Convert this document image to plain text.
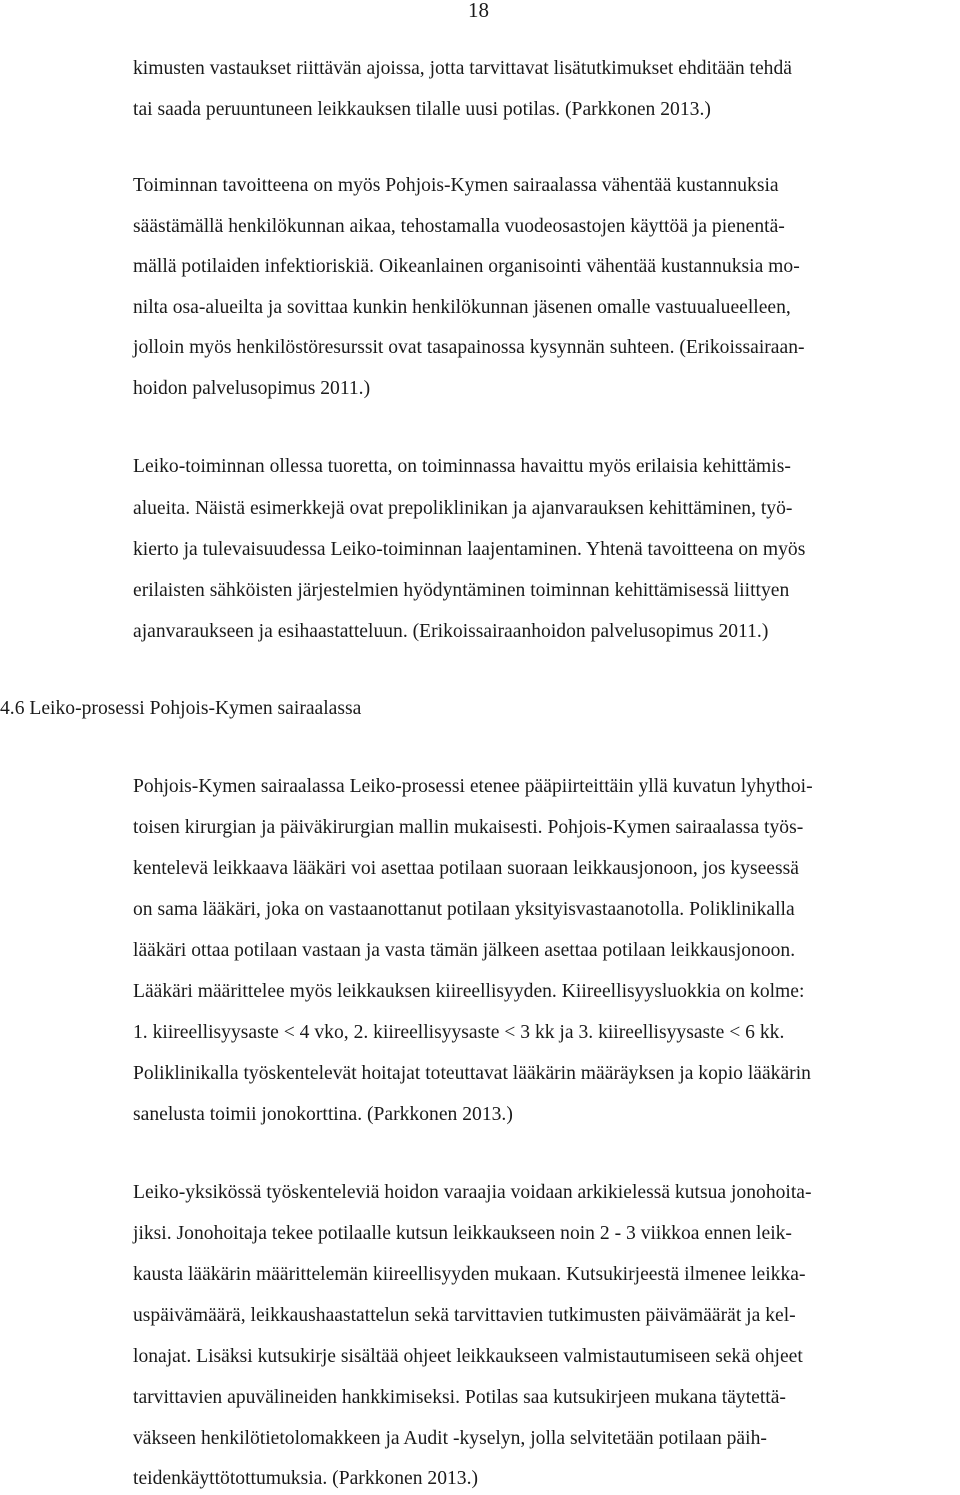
18
kimusten vastaukset riittävän ajoissa, jotta tarvittavat lisätutkimukset ehditään tehdä
tai saada peruuntuneen leikkauksen tilalle uusi potilas. (Parkkonen 2013.)
Toiminnan tavoitteena on myös Pohjois-Kymen sairaalassa vähentää kustannuksia
säästämällä henkilökunnan aikaa, tehostamalla vuodeosastojen käyttöä ja pienentä-
mällä potilaiden infektioriskiä. Oikeanlainen organisointi vähentää kustannuksia mo-
nilta osa-alueilta ja sovittaa kunkin henkilökunnan jäsenen omalle vastuualueelleen,
jolloin myös henkilöstöresurssit ovat tasapainossa kysynnän suhteen. (Erikoissairaan-
hoidon palvelusopimus 2011.)
Leiko-toiminnan ollessa tuoretta, on toiminnassa havaittu myös erilaisia kehittämis-
alueita. Näistä esimerkkejä ovat prepoliklinikan ja ajanvarauksen kehittäminen, työ-
kierto ja tulevaisuudessa Leiko-toiminnan laajentaminen. Yhtenä tavoitteena on myös
erilaisten sähköisten järjestelmien hyödyntäminen toiminnan kehittämisessä liittyen
ajanvaraukseen ja esihaastatteluun. (Erikoissairaanhoidon palvelusopimus 2011.)
4.6 Leiko-prosessi Pohjois-Kymen sairaalassa
Pohjois-Kymen sairaalassa Leiko-prosessi etenee pääpiirteittäin yllä kuvatun lyhythoi-
toisen kirurgian ja päiväkirurgian mallin mukaisesti. Pohjois-Kymen sairaalassa työs-
kentelevä leikkaava lääkäri voi asettaa potilaan suoraan leikkausjonoon, jos kyseessä
on sama lääkäri, joka on vastaanottanut potilaan yksityisvastaanotolla. Poliklinikalla
lääkäri ottaa potilaan vastaan ja vasta tämän jälkeen asettaa potilaan leikkausjonoon.
Lääkäri määrittelee myös leikkauksen kiireellisyyden. Kiireellisyysluokkia on kolme:
1. kiireellisyysaste < 4 vko, 2. kiireellisyysaste < 3 kk ja 3. kiireellisyysaste < 6 kk.
Poliklinikalla työskentelevät hoitajat toteuttavat lääkärin määräyksen ja kopio lääkärin
sanelusta toimii jonokorttina. (Parkkonen 2013.)
Leiko-yksikössä työskenteleviä hoidon varaajia voidaan arkikielessä kutsua jonohoita-
jiksi. Jonohoitaja tekee potilaalle kutsun leikkaukseen noin 2 - 3 viikkoa ennen leik-
kausta lääkärin määrittelemän kiireellisyyden mukaan. Kutsukirjeestä ilmenee leikka-
uspäivämäärä, leikkaushaastattelun sekä tarvittavien tutkimusten päivämäärät ja kel-
lonajat. Lisäksi kutsukirje sisältää ohjeet leikkaukseen valmistautumiseen sekä ohjeet
tarvittavien apuvälineiden hankkimiseksi. Potilas saa kutsukirjeen mukana täytettä-
väkseen henkilötietolomakkeen ja Audit -kyselyn, jolla selvitetään potilaan päih-
teidenkäyttötottumuksia. (Parkkonen 2013.)
